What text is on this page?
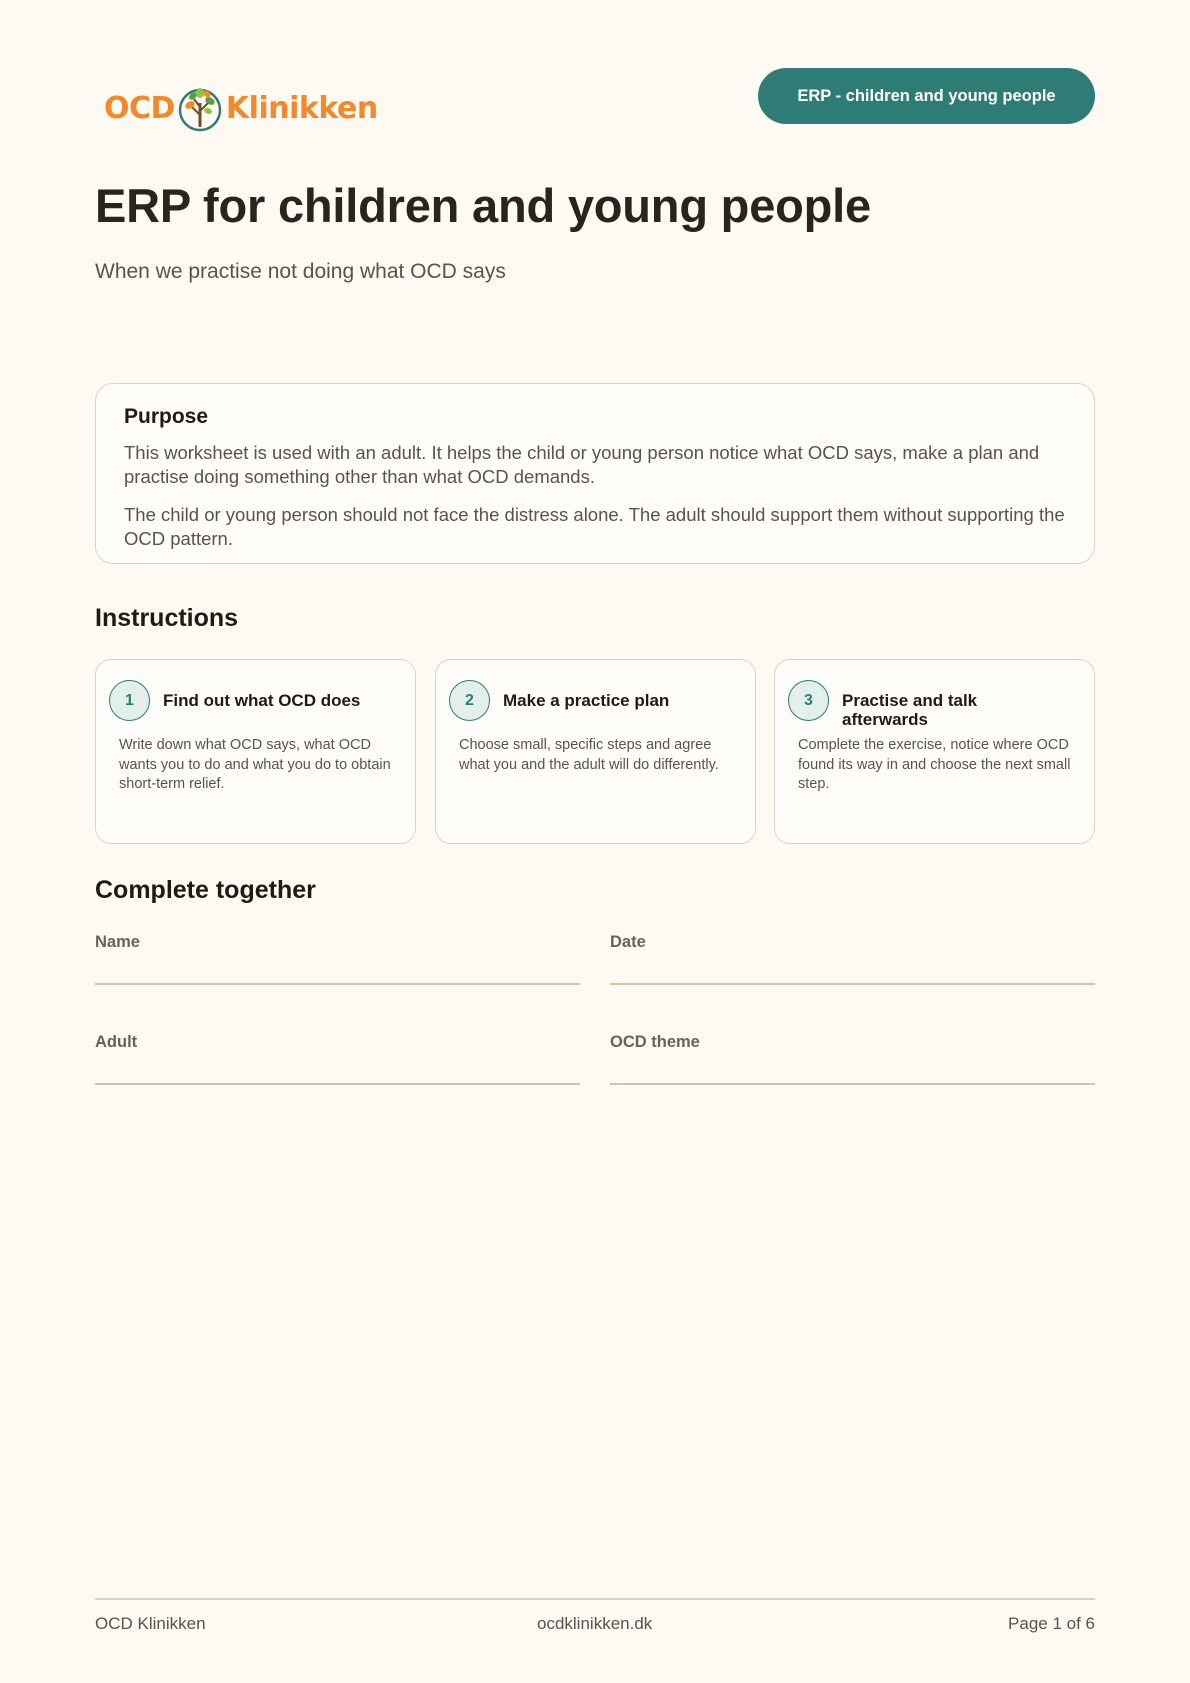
OCD Klinikken	ERP - children and young people
ERP for children and young people

When we practise not doing what OCD says

Purpose

This worksheet is used with an adult. It helps the child or young person notice what OCD says, make a plan and practise doing something other than what OCD demands.

The child or young person should not face the distress alone. The adult should support them without supporting the OCD pattern.

Instructions
1	Find out what OCD does
Write down what OCD says, what OCD wants you to do and what you do to obtain short-term relief.
2	Make a practice plan
Choose small, specific steps and agree what you and the adult will do differently.
3	Practise and talk afterwards
Complete the exercise, notice where OCD found its way in and choose the next small step.
Complete together
Name	Date
Adult	OCD theme
OCD Klinikken	ocdklinikken.dk	Page 1 of 6
